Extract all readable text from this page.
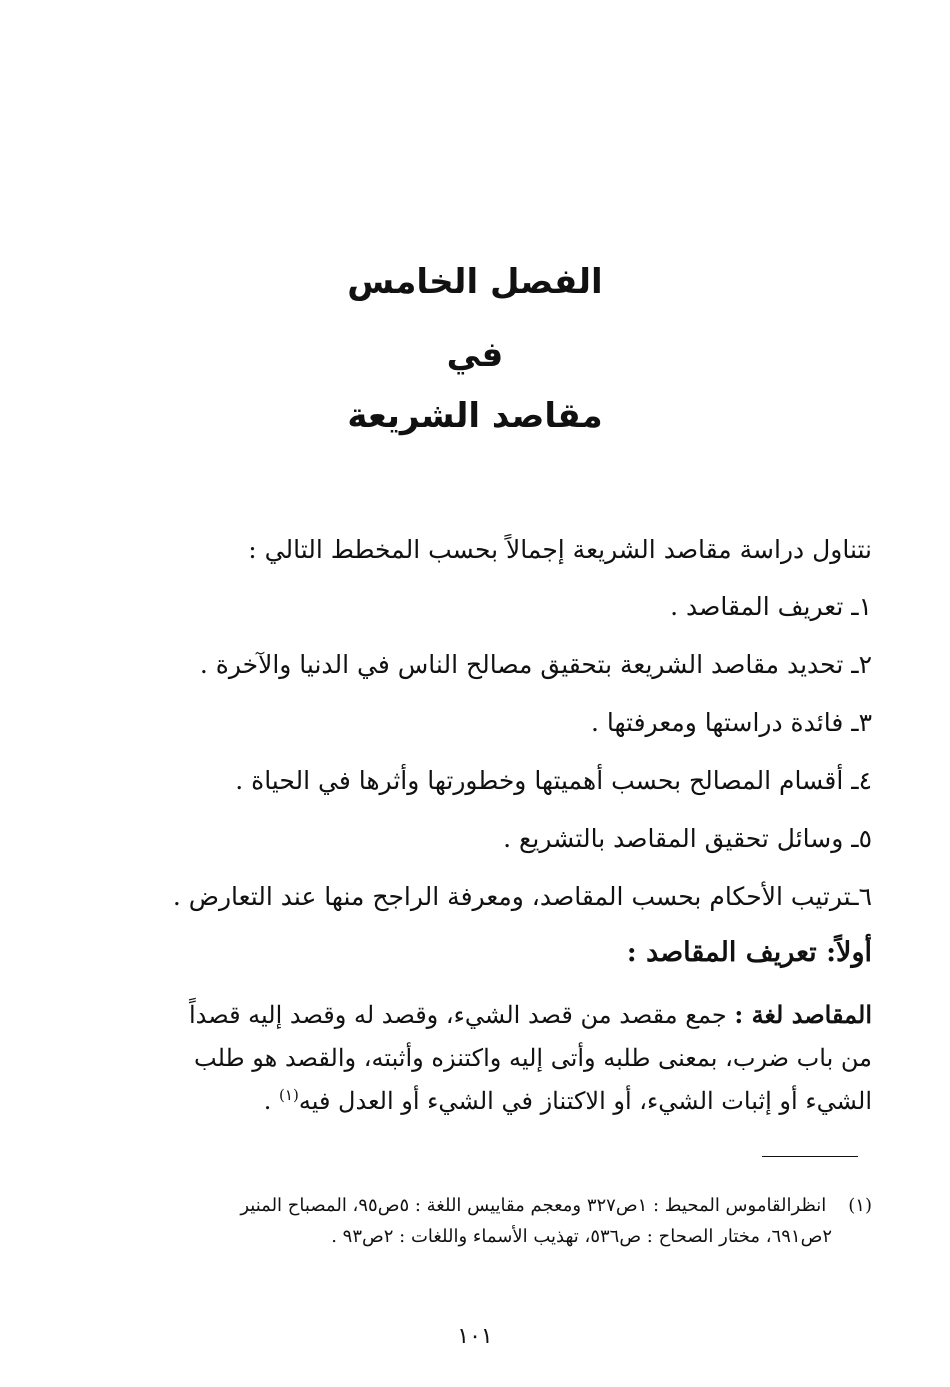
الفصل الخامس
في
مقاصد الشريعة
نتناول دراسة مقاصد الشريعة إجمالاً بحسب المخطط التالي :
١ـ تعريف المقاصد .
٢ـ تحديد مقاصد الشريعة بتحقيق مصالح الناس في الدنيا والآخرة .
٣ـ فائدة دراستها ومعرفتها .
٤ـ أقسام المصالح بحسب أهميتها وخطورتها وأثرها في الحياة .
٥ـ وسائل تحقيق المقاصد بالتشريع .
٦ـترتيب الأحكام بحسب المقاصد، ومعرفة الراجح منها عند التعارض .
أولاً: تعريف المقاصد :
المقاصد لغة : جمع مقصد من قصد الشيء، وقصد له وقصد إليه قصداً
من باب ضرب، بمعنى طلبه وأتى إليه واكتنزه وأثبته، والقصد هو طلب
الشيء أو إثبات الشيء، أو الاكتناز في الشيء أو العدل فيه$^{(١)}$ .
(١) انظرالقاموس المحيط : ١ص٣٢٧ ومعجم مقاييس اللغة : ٥ص٩٥، المصباح المنير
٢ص٦٩١، مختار الصحاح : ص٥٣٦، تهذيب الأسماء واللغات : ٢ص٩٣ .
١٠١
